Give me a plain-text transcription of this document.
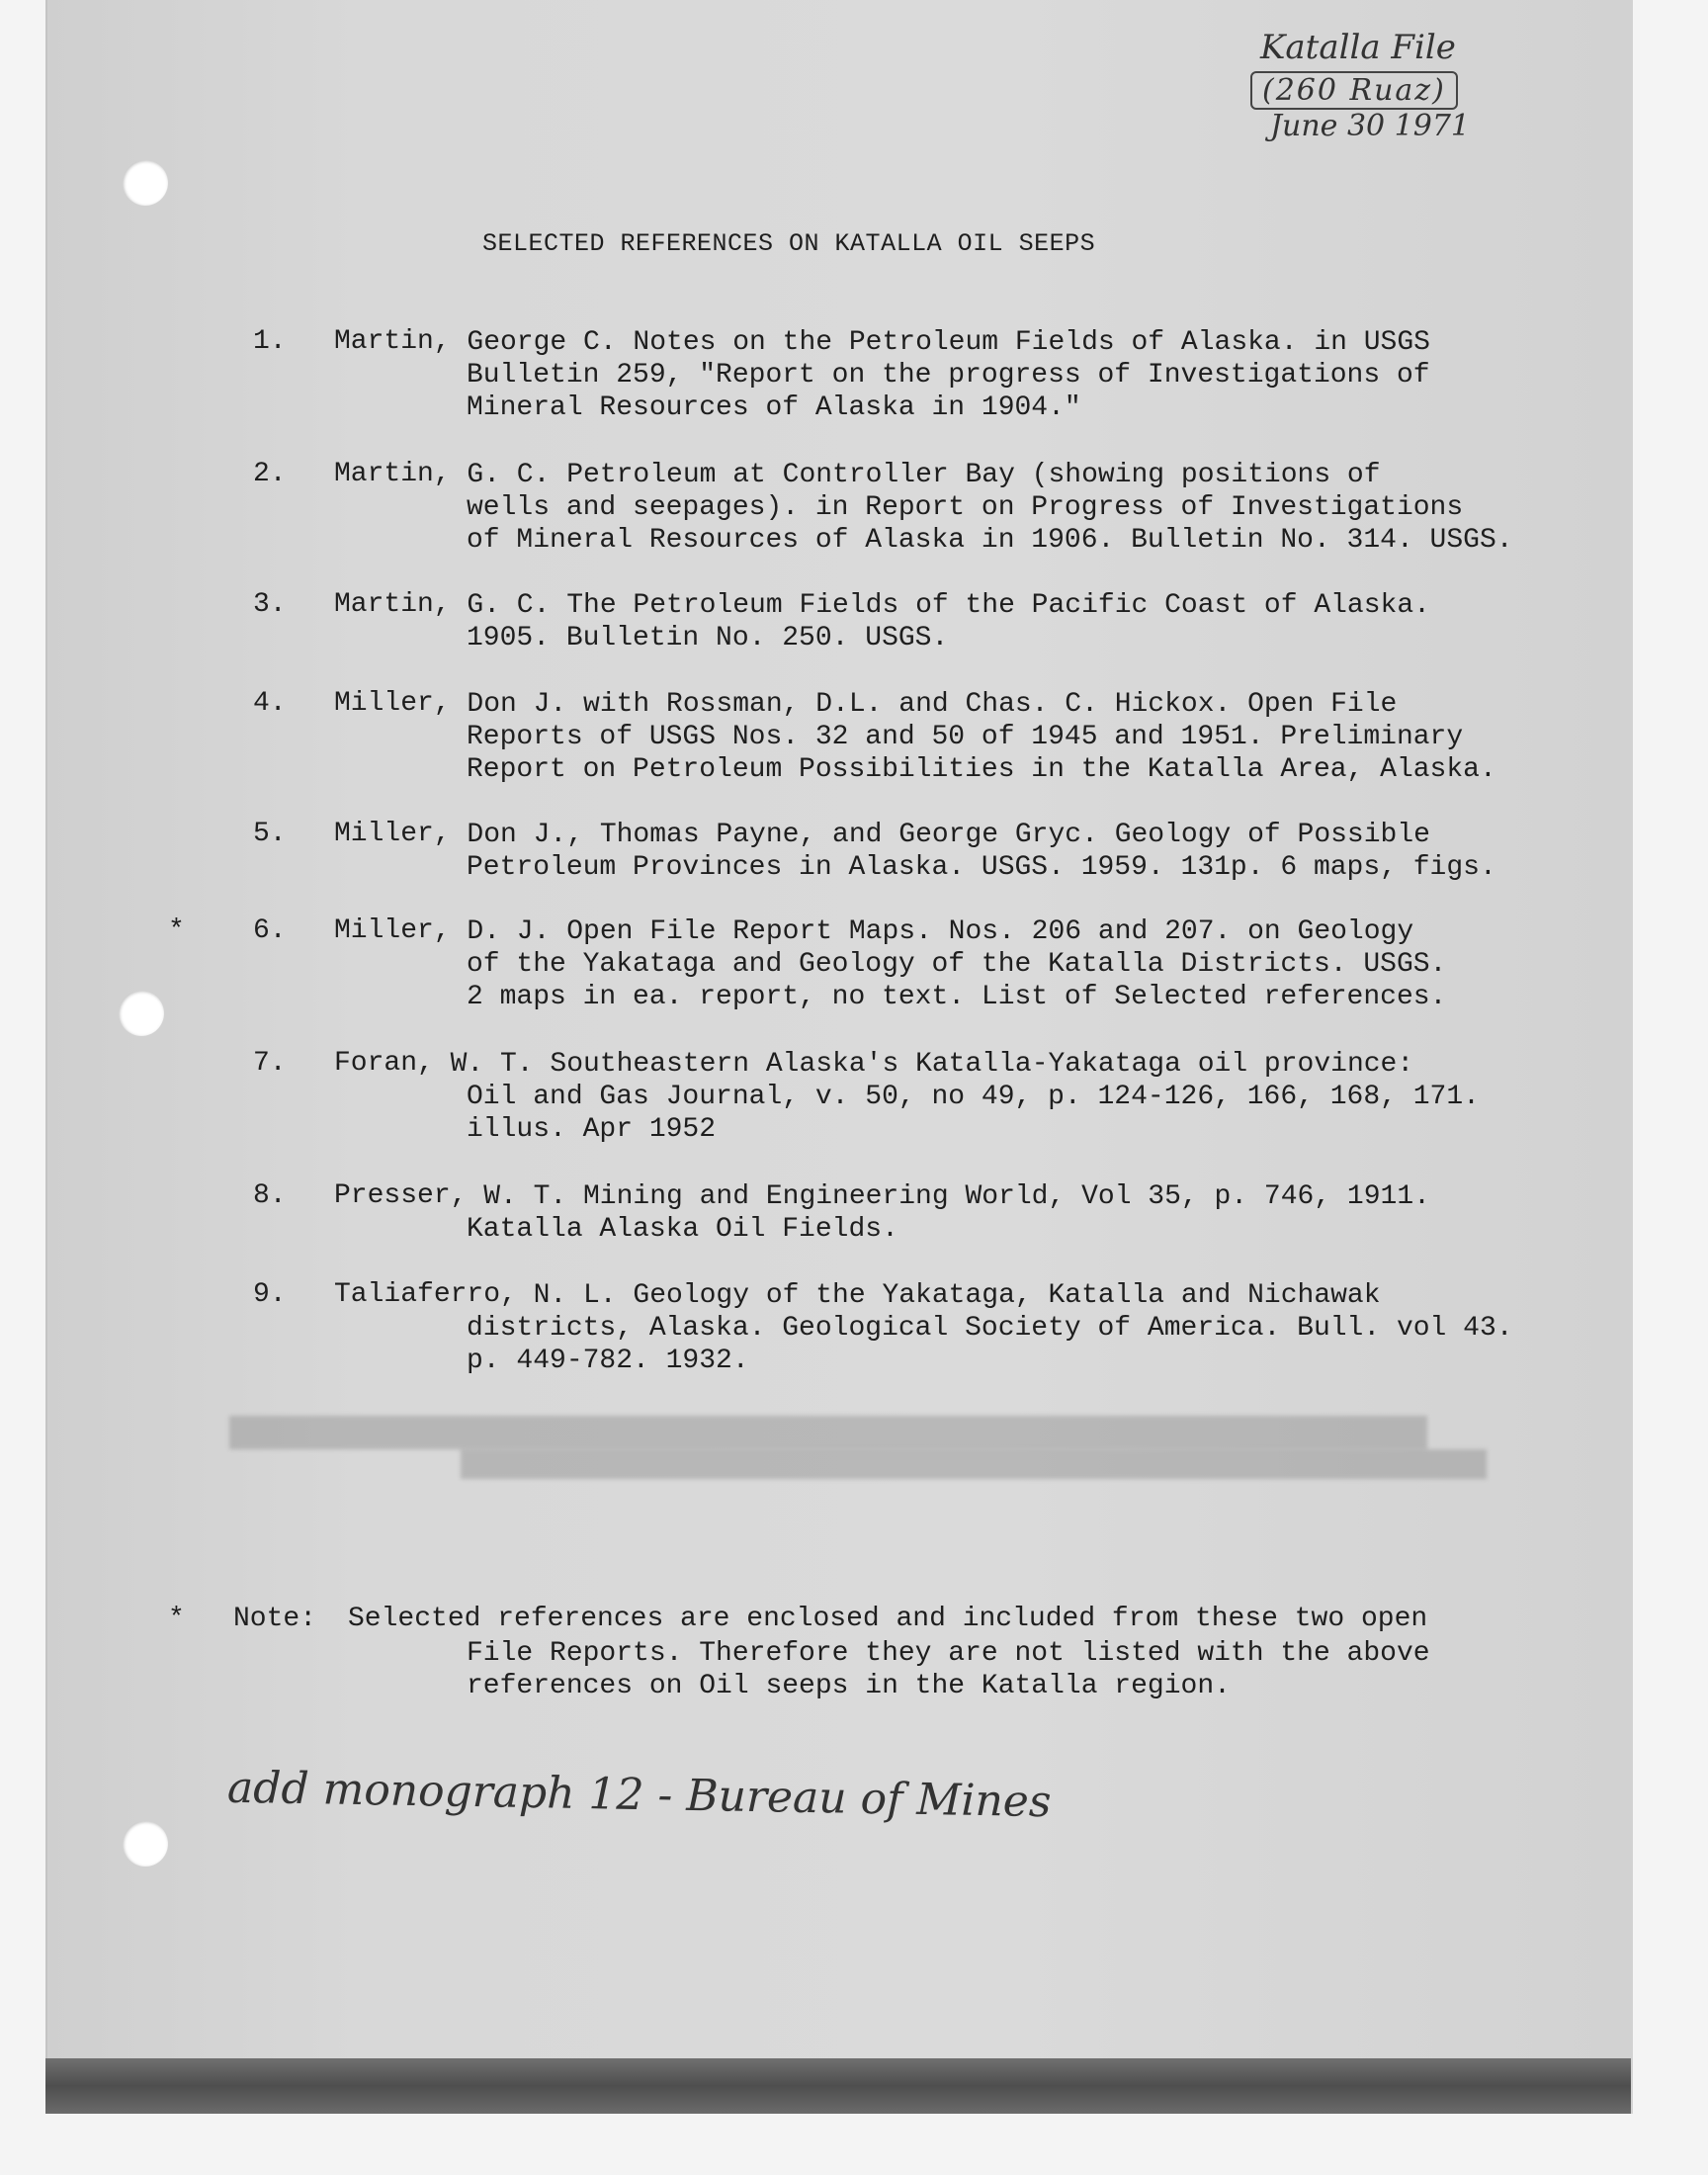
Katalla File
(260 Ruaz)
June 30 1971
SELECTED REFERENCES ON KATALLA OIL SEEPS
1. Martin, George C. Notes on the Petroleum Fields of Alaska. in USGS
Bulletin 259, "Report on the progress of Investigations of
Mineral Resources of Alaska in 1904."
2. Martin, G. C. Petroleum at Controller Bay (showing positions of
wells and seepages). in Report on Progress of Investigations
of Mineral Resources of Alaska in 1906. Bulletin No. 314. USGS.
3. Martin, G. C. The Petroleum Fields of the Pacific Coast of Alaska.
1905. Bulletin No. 250. USGS.
4. Miller, Don J. with Rossman, D.L. and Chas. C. Hickox. Open File
Reports of USGS Nos. 32 and 50 of 1945 and 1951. Preliminary
Report on Petroleum Possibilities in the Katalla Area, Alaska.
5. Miller, Don J., Thomas Payne, and George Gryc. Geology of Possible
Petroleum Provinces in Alaska. USGS. 1959. 131p. 6 maps, figs.
* 6. Miller, D. J. Open File Report Maps. Nos. 206 and 207. on Geology
of the Yakataga and Geology of the Katalla Districts. USGS.
2 maps in ea. report, no text. List of Selected references.
7. Foran, W. T. Southeastern Alaska's Katalla-Yakataga oil province:
Oil and Gas Journal, v. 50, no 49, p. 124-126, 166, 168, 171.
illus. Apr 1952
8. Presser, W. T. Mining and Engineering World, Vol 35, p. 746, 1911.
Katalla Alaska Oil Fields.
9. Taliaferro, N. L. Geology of the Yakataga, Katalla and Nichawak
districts, Alaska. Geological Society of America. Bull. vol 43.
p. 449-782. 1932.
* Note: Selected references are enclosed and included from these two open
File Reports. Therefore they are not listed with the above
references on Oil seeps in the Katalla region.
add monograph 12 - Bureau of Mines
